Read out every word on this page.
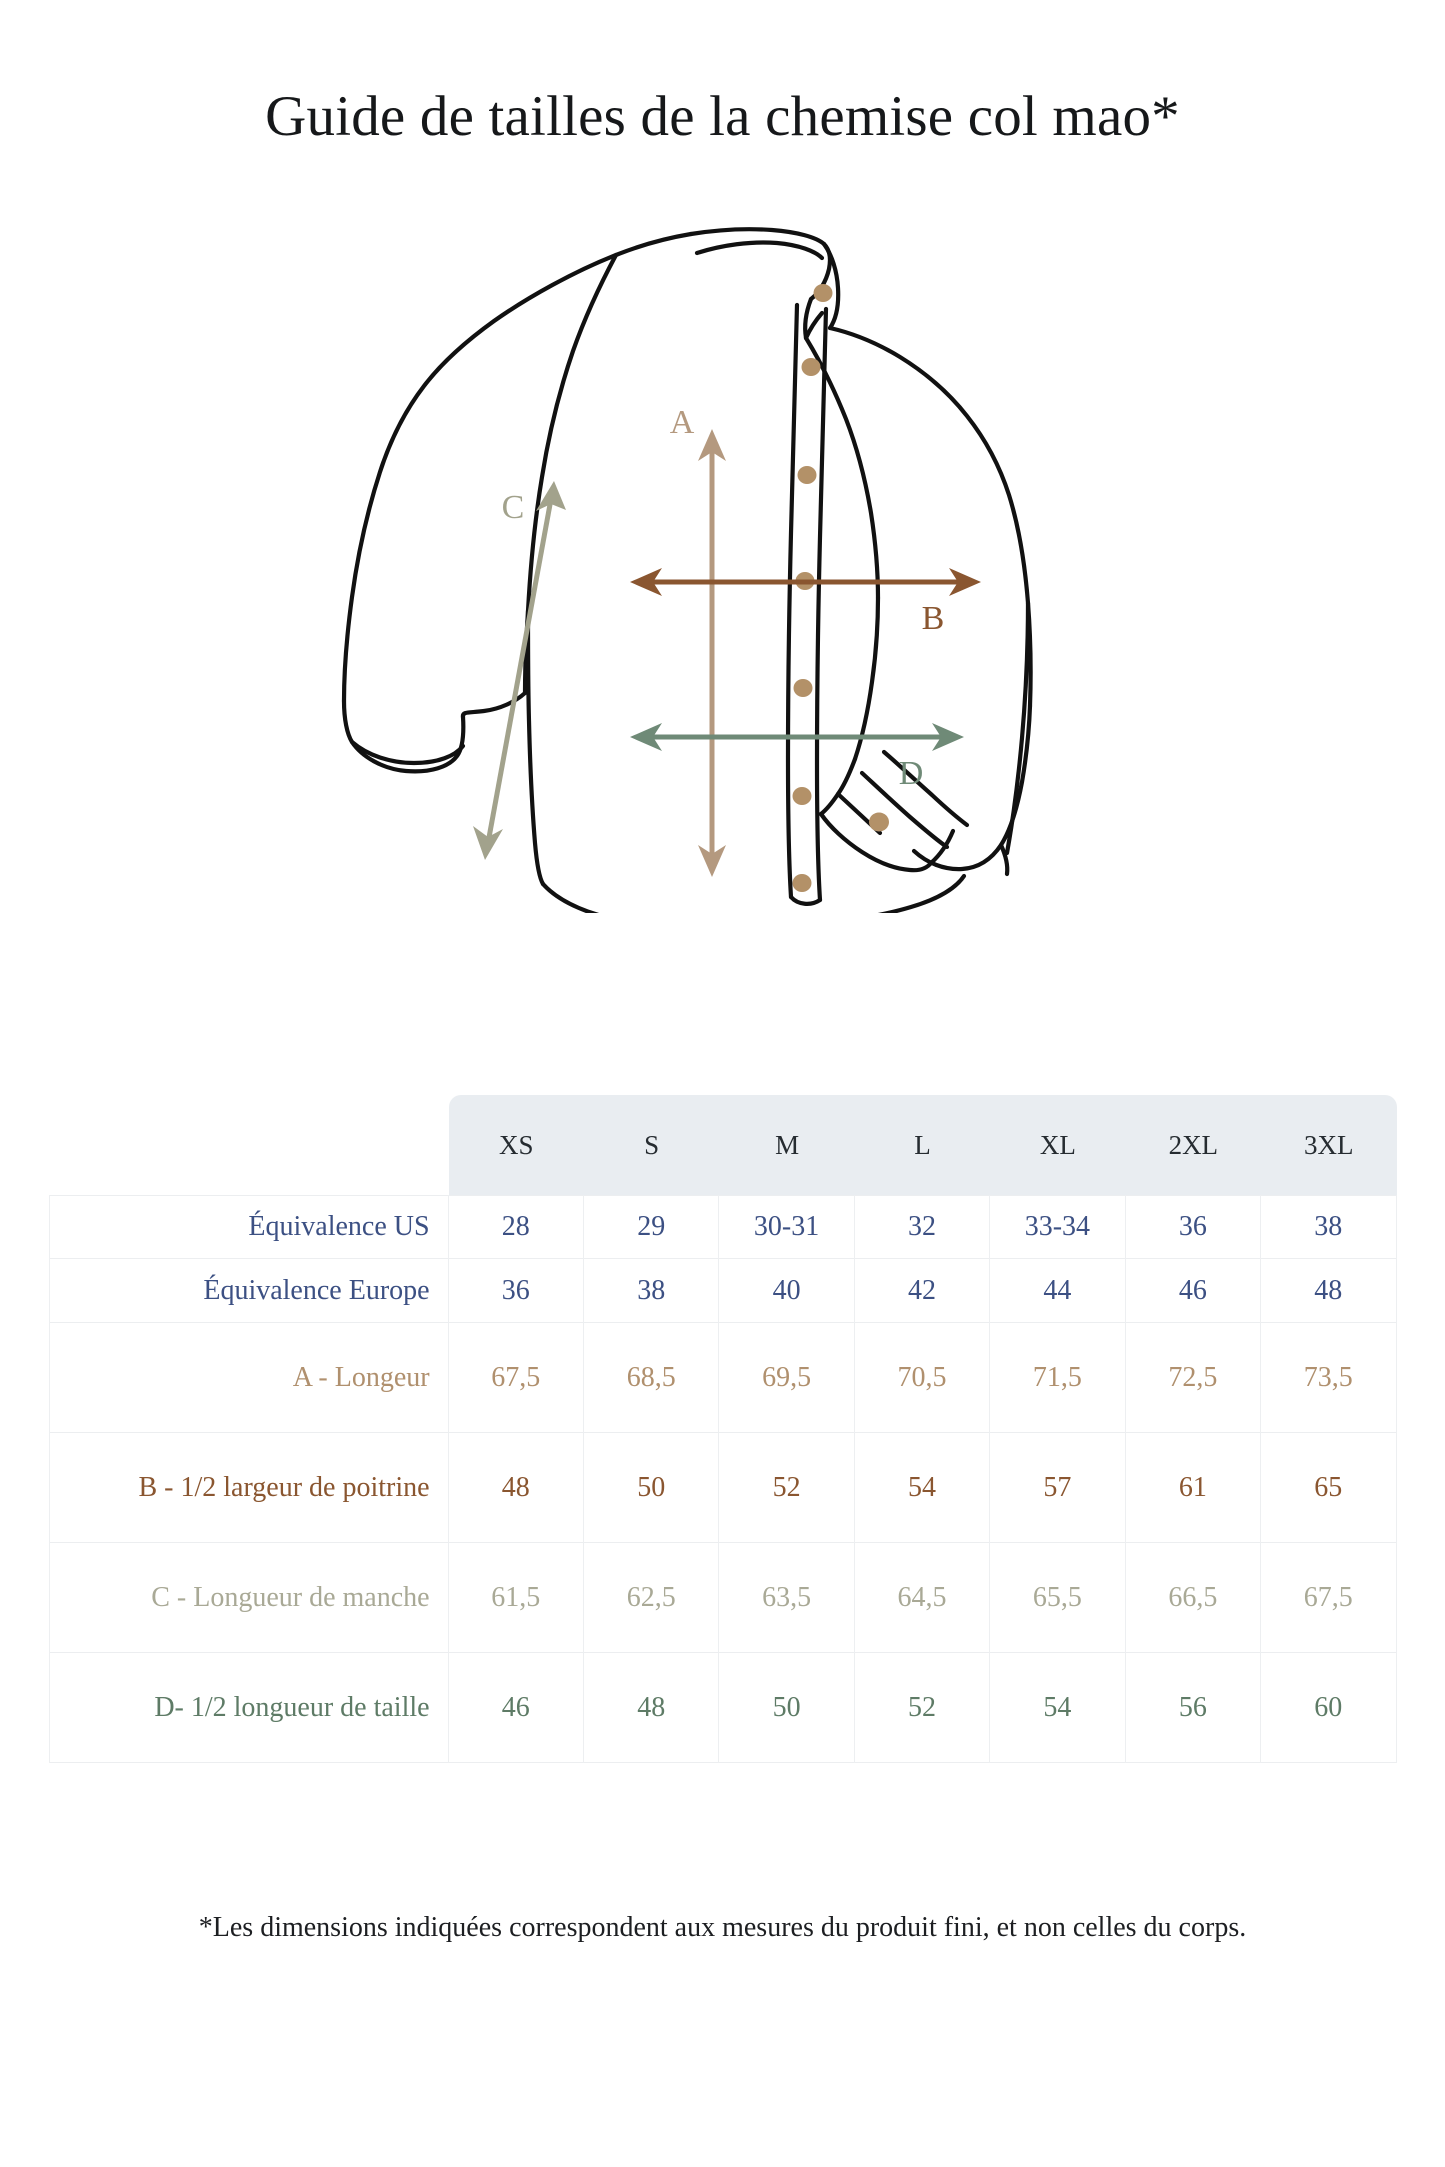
Guide de tailles de la chemise col mao*
A
C
B
D
	XS	S	M	L	XL	2XL	3XL
Équivalence US	28	29	30-31	32	33-34	36	38
Équivalence Europe	36	38	40	42	44	46	48
A - Longeur	67,5	68,5	69,5	70,5	71,5	72,5	73,5
B - 1/2 largeur de poitrine	48	50	52	54	57	61	65
C - Longueur de manche	61,5	62,5	63,5	64,5	65,5	66,5	67,5
D- 1/2 longueur de taille	46	48	50	52	54	56	60
*Les dimensions indiquées correspondent aux mesures du produit fini, et non celles du corps.
